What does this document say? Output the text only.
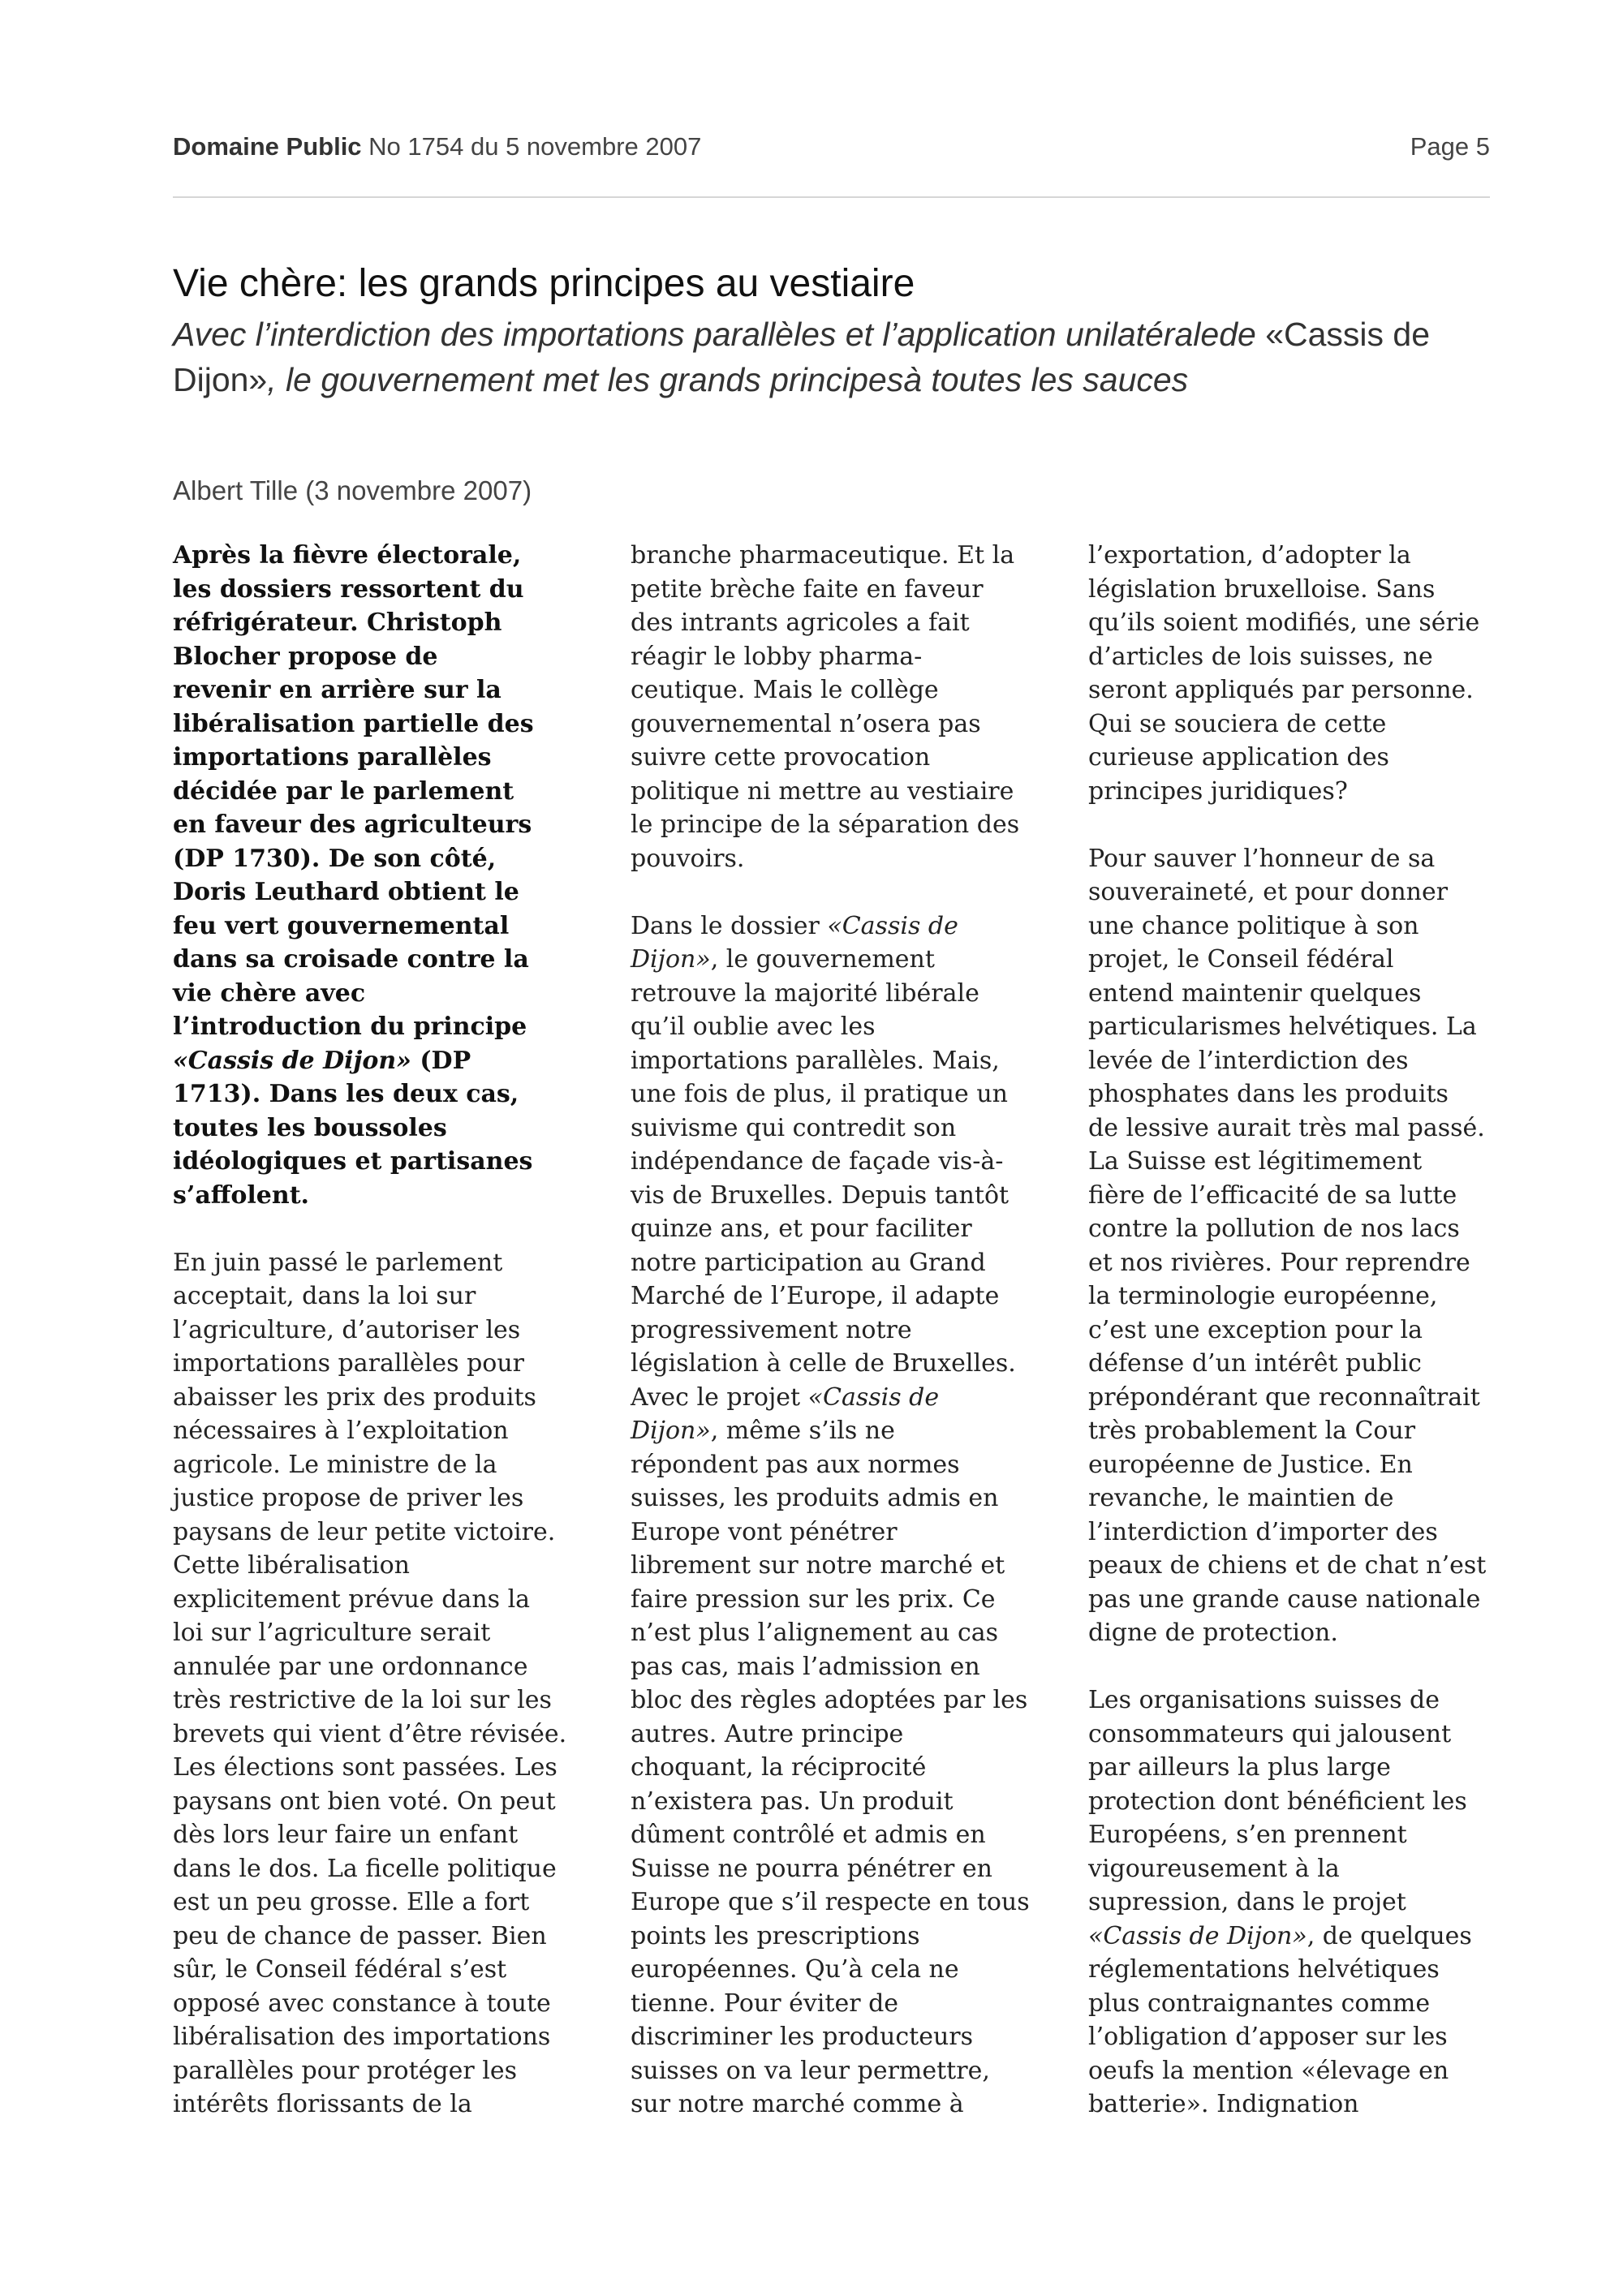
Domaine Public No 1754 du 5 novembre 2007	Page 5
Vie chère: les grands principes au vestiaire

Avec l’interdiction des importations parallèles et l’application unilatéralede «Cassis de Dijon», le gouvernement met les grands principesà toutes les sauces

Albert Tille (3 novembre 2007)
Après la fièvre électorale,
les dossiers ressortent du
réfrigérateur. Christoph
Blocher propose de
revenir en arrière sur la
libéralisation partielle des
importations parallèles
décidée par le parlement
en faveur des agriculteurs
(DP 1730). De son côté,
Doris Leuthard obtient le
feu vert gouvernemental
dans sa croisade contre la
vie chère avec
l’introduction du principe
«Cassis de Dijon» (DP
1713). Dans les deux cas,
toutes les boussoles
idéologiques et partisanes
s’affolent.
En juin passé le parlement
acceptait, dans la loi sur
l’agriculture, d’autoriser les
importations parallèles pour
abaisser les prix des produits
nécessaires à l’exploitation
agricole. Le ministre de la
justice propose de priver les
paysans de leur petite victoire.
Cette libéralisation
explicitement prévue dans la
loi sur l’agriculture serait
annulée par une ordonnance
très restrictive de la loi sur les
brevets qui vient d’être révisée.
Les élections sont passées. Les
paysans ont bien voté. On peut
dès lors leur faire un enfant
dans le dos. La ficelle politique
est un peu grosse. Elle a fort
peu de chance de passer. Bien
sûr, le Conseil fédéral s’est
opposé avec constance à toute
libéralisation des importations
parallèles pour protéger les
intérêts florissants de la
branche pharmaceutique. Et la
petite brèche faite en faveur
des intrants agricoles a fait
réagir le lobby pharma-
ceutique. Mais le collège
gouvernemental n’osera pas
suivre cette provocation
politique ni mettre au vestiaire
le principe de la séparation des
pouvoirs.
Dans le dossier «Cassis de
Dijon», le gouvernement
retrouve la majorité libérale
qu’il oublie avec les
importations parallèles. Mais,
une fois de plus, il pratique un
suivisme qui contredit son
indépendance de façade vis-à-
vis de Bruxelles. Depuis tantôt
quinze ans, et pour faciliter
notre participation au Grand
Marché de l’Europe, il adapte
progressivement notre
législation à celle de Bruxelles.
Avec le projet «Cassis de
Dijon», même s’ils ne
répondent pas aux normes
suisses, les produits admis en
Europe vont pénétrer
librement sur notre marché et
faire pression sur les prix. Ce
n’est plus l’alignement au cas
pas cas, mais l’admission en
bloc des règles adoptées par les
autres. Autre principe
choquant, la réciprocité
n’existera pas. Un produit
dûment contrôlé et admis en
Suisse ne pourra pénétrer en
Europe que s’il respecte en tous
points les prescriptions
européennes. Qu’à cela ne
tienne. Pour éviter de
discriminer les producteurs
suisses on va leur permettre,
sur notre marché comme à
l’exportation, d’adopter la
législation bruxelloise. Sans
qu’ils soient modifiés, une série
d’articles de lois suisses, ne
seront appliqués par personne.
Qui se souciera de cette
curieuse application des
principes juridiques?
Pour sauver l’honneur de sa
souveraineté, et pour donner
une chance politique à son
projet, le Conseil fédéral
entend maintenir quelques
particularismes helvétiques. La
levée de l’interdiction des
phosphates dans les produits
de lessive aurait très mal passé.
La Suisse est légitimement
fière de l’efficacité de sa lutte
contre la pollution de nos lacs
et nos rivières. Pour reprendre
la terminologie européenne,
c’est une exception pour la
défense d’un intérêt public
prépondérant que reconnaîtrait
très probablement la Cour
européenne de Justice. En
revanche, le maintien de
l’interdiction d’importer des
peaux de chiens et de chat n’est
pas une grande cause nationale
digne de protection.
Les organisations suisses de
consommateurs qui jalousent
par ailleurs la plus large
protection dont bénéficient les
Européens, s’en prennent
vigoureusement à la
supression, dans le projet
«Cassis de Dijon», de quelques
réglementations helvétiques
plus contraignantes comme
l’obligation d’apposer sur les
oeufs la mention «élevage en
batterie». Indignation
